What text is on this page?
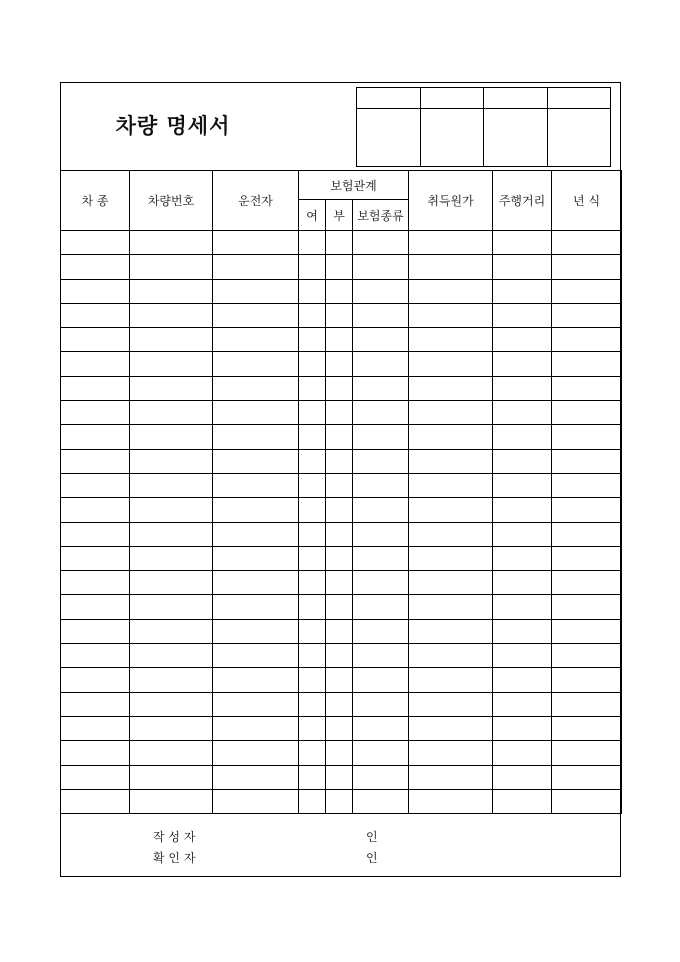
차량 명세서

차 종	차량번호	운전자	보험관계			취득원가	주행거리	년 식
			여	부	보험종류			

작 성 자	인
확 인 자	인
